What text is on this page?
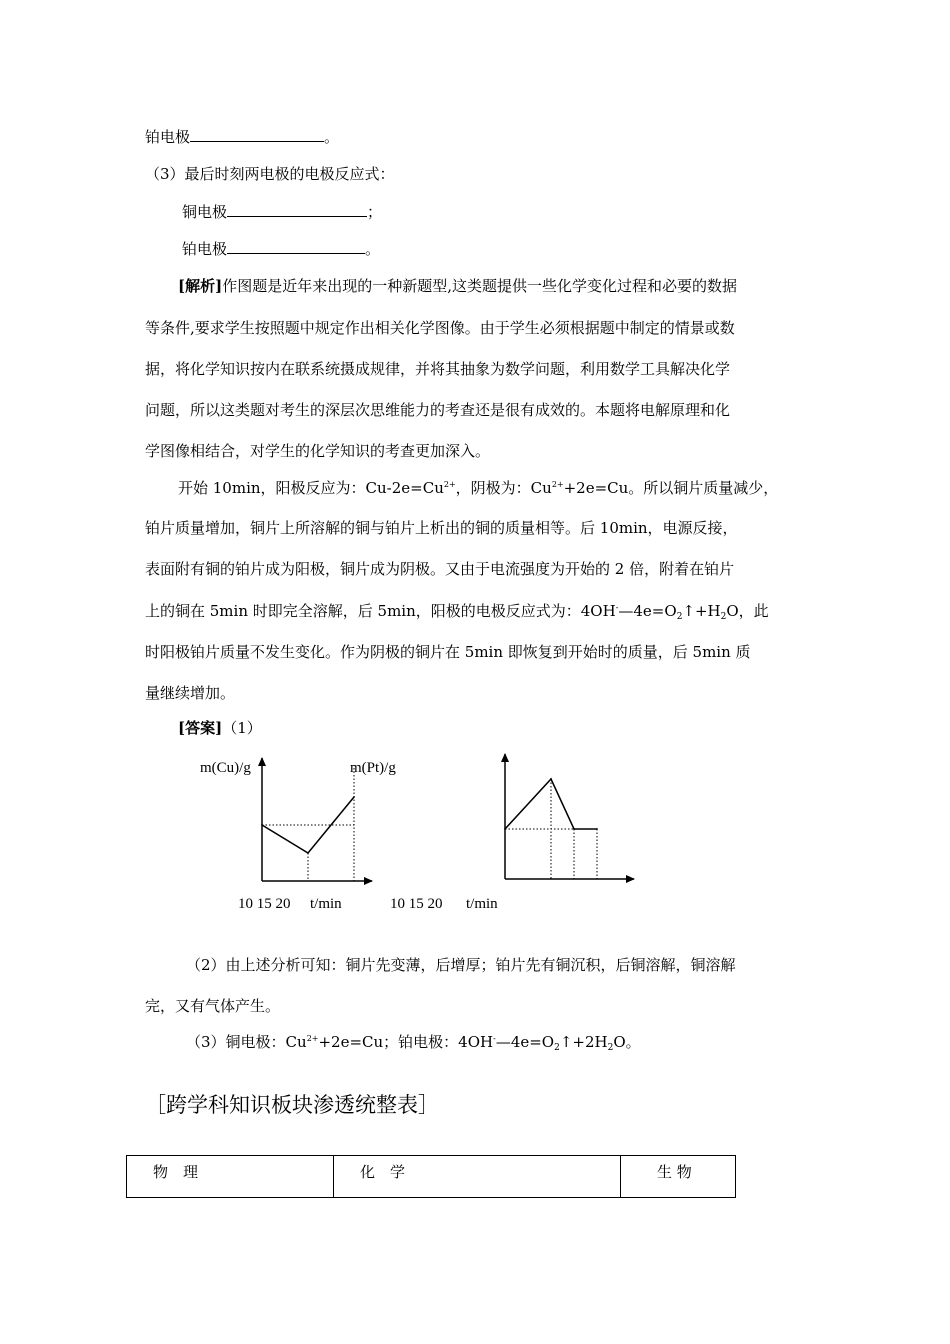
铂电极	。
（3）最后时刻两电极的电极反应式：
铜电极	；
铂电极	。
[解析]作图题是近年来出现的一种新题型,这类题提供一些化学变化过程和必要的数据
等条件,要求学生按照题中规定作出相关化学图像。由于学生必须根据题中制定的情景或数
据，将化学知识按内在联系统摄成规律，并将其抽象为数学问题，利用数学工具解决化学
问题，所以这类题对考生的深层次思维能力的考查还是很有成效的。本题将电解原理和化
学图像相结合，对学生的化学知识的考查更加深入。
开始 10min，阳极反应为：$Cu-2e=Cu^{2+}$，阴极为：$Cu^{2+}+2e=Cu$。所以铜片质量减少，
铂片质量增加，铜片上所溶解的铜与铂片上析出的铜的质量相等。后 10min，电源反接，
表面附有铜的铂片成为阳极，铜片成为阴极。又由于电流强度为开始的 2 倍，附着在铂片
上的铜在 5min 时即完全溶解，后 5min，阳极的电极反应式为：$4OH^-—4e=O_2↑+H_2O$，此
时阳极铂片质量不发生变化。作为阴极的铜片在 5min 即恢复到开始时的质量，后 5min 质
量继续增加。
[答案]（1）
m(Cu)/g
10 15 20 t/min	10 15 20 t/min
m(Pt)/g
（2）由上述分析可知：铜片先变薄，后增厚；铂片先有铜沉积，后铜溶解，铜溶解
完，又有气体产生。
（3）铜电极：$Cu^{2+}+2e=Cu$；铂电极：$4OH^-—4e=O_2↑+2H_2O$。
［跨学科知识板块渗透统整表］
物　理	化　学	生 物
